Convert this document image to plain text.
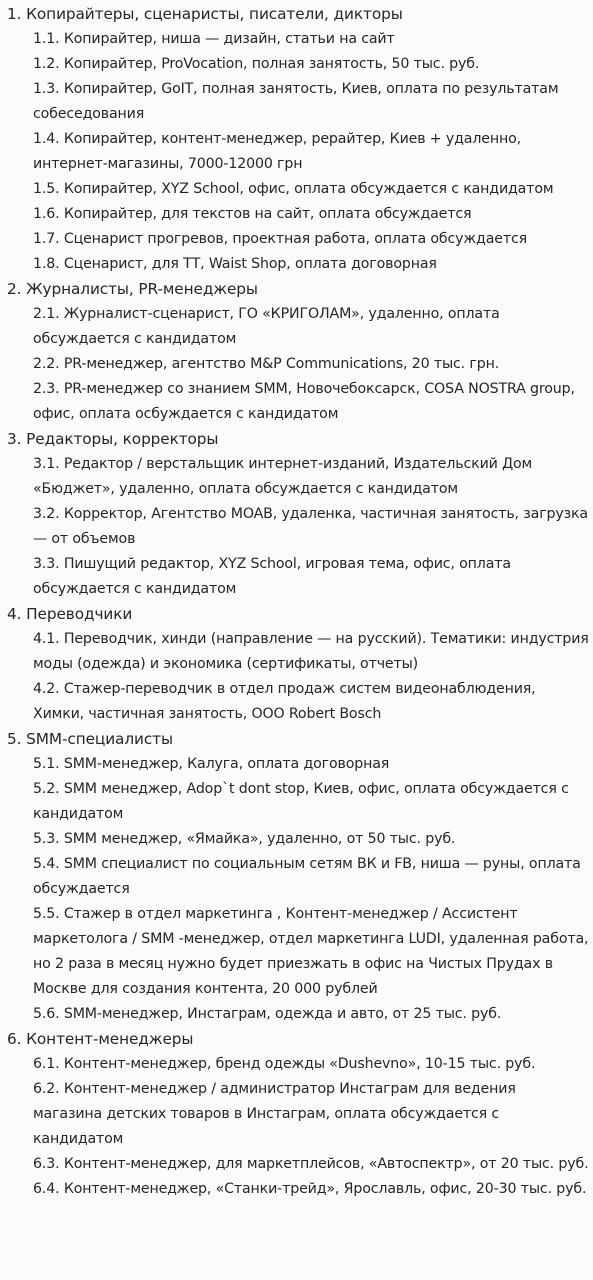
1. Копирайтеры, сценаристы, писатели, дикторы

1.1. Копирайтер, ниша — дизайн, статьи на сайт

1.2. Копирайтер, ProVocation, полная занятость, 50 тыс. руб.

1.3. Копирайтер, GoIT, полная занятость, Киев, оплата по результатам собеседования

1.4. Копирайтер, контент-менеджер, рерайтер, Киев + удаленно, интернет-магазины, 7000-12000 грн

1.5. Копирайтер, XYZ School, офис, оплата обсуждается с кандидатом

1.6. Копирайтер, для текстов на сайт, оплата обсуждается

1.7. Сценарист прогревов, проектная работа, оплата обсуждается

1.8. Сценарист, для ТТ, Waist Shop, оплата договорная

2. Журналисты, PR-менеджеры

2.1. Журналист-сценарист, ГО «КРИГОЛАМ», удаленно, оплата обсуждается с кандидатом

2.2. PR-менеджер, агентство M&P Communications, 20 тыс. грн.

2.3. PR-менеджер со знанием SMM, Новочебоксарск, COSA NOSTRA group, офис, оплата осбуждается с кандидатом

3. Редакторы, корректоры

3.1. Редактор / верстальщик интернет-изданий, Издательский Дом «Бюджет», удаленно, оплата обсуждается с кандидатом

3.2. Корректор, Агентство MOAB, удаленка, частичная занятость, загрузка — от объемов

3.3. Пишущий редактор, XYZ School, игровая тема, офис, оплата обсуждается с кандидатом

4. Переводчики

4.1. Переводчик, хинди (направление — на русский). Тематики: индустрия моды (одежда) и экономика (сертификаты, отчеты)

4.2. Стажер-переводчик в отдел продаж систем видеонаблюдения, Химки, частичная занятость, ООО Robert Bosch

5. SMM-специалисты

5.1. SMM-менеджер, Калуга, оплата договорная

5.2. SMM менеджер, Adop`t dont stop, Киев, офис, оплата обсуждается с кандидатом

5.3. SMM менеджер, «Ямайка», удаленно, от 50 тыс. руб.

5.4. SMM специалист по социальным сетям ВК и FB, ниша — руны, оплата обсуждается

5.5. Стажер в отдел маркетинга , Контент-менеджер / Ассистент маркетолога / SMM -менеджер, отдел маркетинга LUDI, удаленная работа, но 2 раза в месяц нужно будет приезжать в офис на Чистых Прудах в Москве для создания контента, 20 000 рублей

5.6. SMM-менеджер, Инстаграм, одежда и авто, от 25 тыс. руб.

6. Контент-менеджеры

6.1. Контент-менеджер, бренд одежды «Dushevno», 10-15 тыс. руб.

6.2. Контент-менеджер / администратор Инстаграм для ведения магазина детских товаров в Инстаграм, оплата обсуждается с кандидатом

6.3. Контент-менеджер, для маркетплейсов, «Автоспектр», от 20 тыс. руб.

6.4. Контент-менеджер, «Станки-трейд», Ярославль, офис, 20-30 тыс. руб.
